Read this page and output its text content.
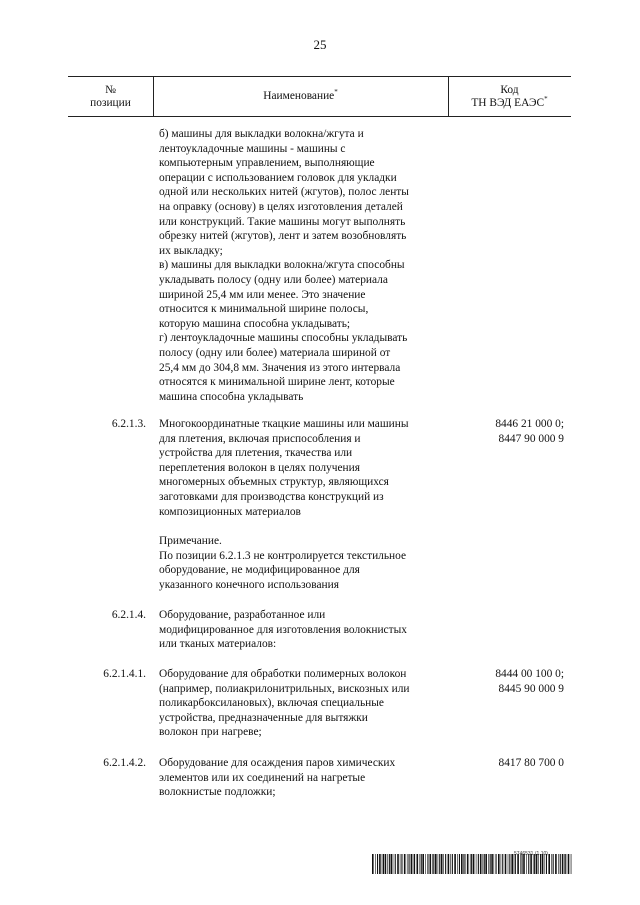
25
№
позиции
Наименование*	Код
ТН ВЭД ЕАЭС*
б) машины для выкладки волокна/жгута и
лентоукладочные машины - машины с
компьютерным управлением, выполняющие
операции с использованием головок для укладки
одной или нескольких нитей (жгутов), полос ленты
на оправку (основу) в целях изготовления деталей
или конструкций. Такие машины могут выполнять
обрезку нитей (жгутов), лент и затем возобновлять
их выкладку;
в) машины для выкладки волокна/жгута способны
укладывать полосу (одну или более) материала
шириной 25,4 мм или менее. Это значение
относится к минимальной ширине полосы,
которую машина способна укладывать;
г) лентоукладочные машины способны укладывать
полосу (одну или более) материала шириной от
25,4 мм до 304,8 мм. Значения из этого интервала
относятся к минимальной ширине лент, которые
машина способна укладывать
6.2.1.3. Многокоординатные ткацкие машины или машины
для плетения, включая приспособления и
устройства для плетения, ткачества или
переплетения волокон в целях получения
многомерных объемных структур, являющихся
заготовками для производства конструкций из
композиционных материалов
8446 21 000 0;
8447 90 000 9
Примечание.
По позиции 6.2.1.3 не контролируется текстильное
оборудование, не модифицированное для
указанного конечного использования
6.2.1.4. Оборудование, разработанное или
модифицированное для изготовления волокнистых
или тканых материалов:
6.2.1.4.1. Оборудование для обработки полимерных волокон
(например, полиакрилонитрильных, вискозных или
поликарбоксилановых), включая специальные
устройства, предназначенные для вытяжки
волокон при нагреве;
8444 00 100 0;
8445 90 000 9
6.2.1.4.2. Оборудование для осаждения паров химических
элементов или их соединений на нагретые
волокнистые подложки;
8417 80 700 0
(1.10)
